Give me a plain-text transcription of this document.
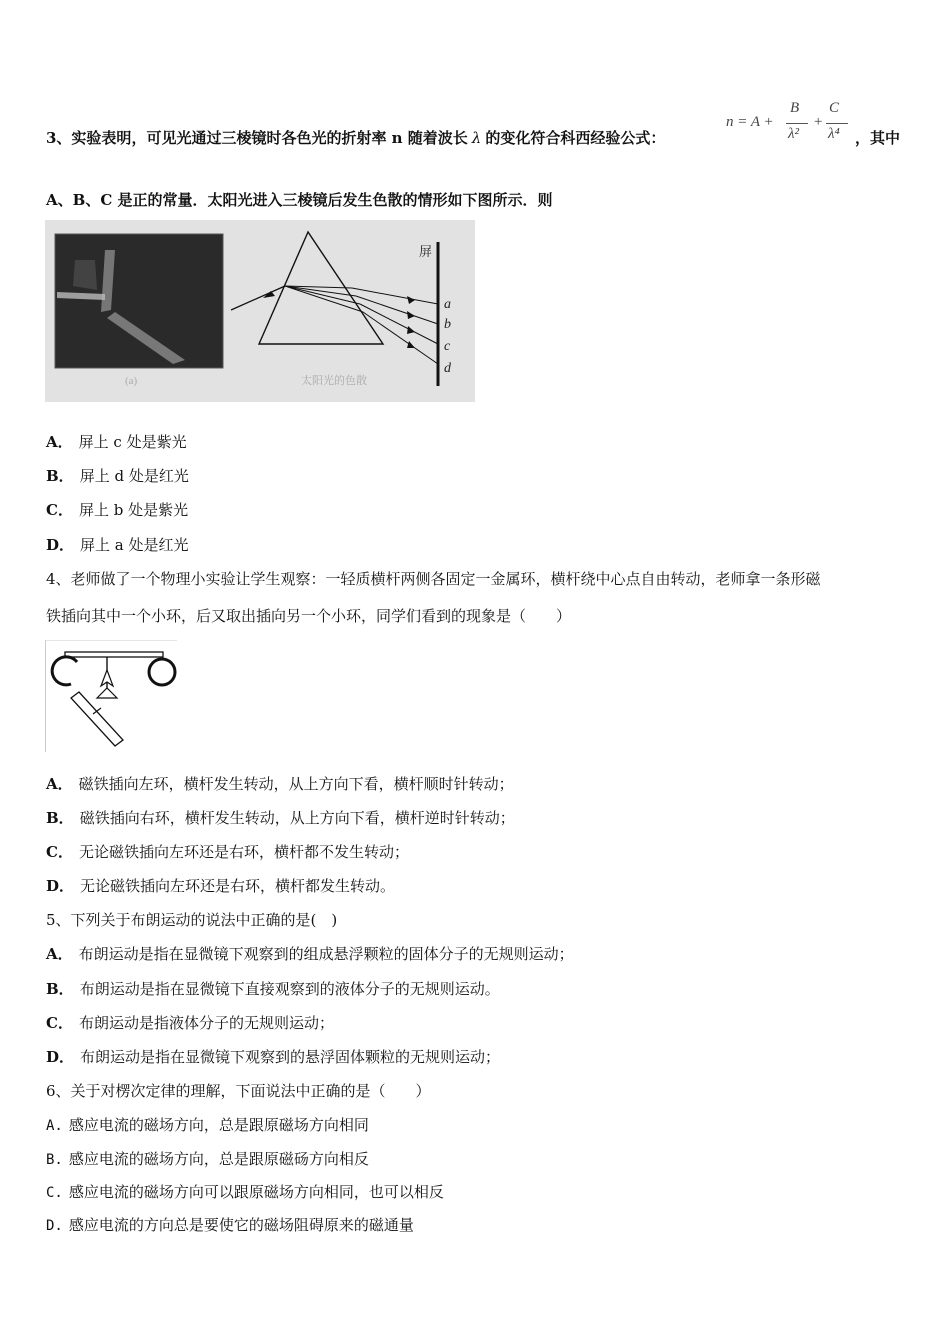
3、实验表明，可见光通过三棱镜时各色光的折射率 n 随着波长 λ 的变化符合科西经验公式：
n = A +
B
λ²
+
C
λ⁴ ，其中
A、B、C 是正的常量．太阳光进入三棱镜后发生色散的情形如下图所示．则
屏
a
b
c
d
(a)	太阳光的色散
A． 屏上 c 处是紫光
B． 屏上 d 处是红光
C． 屏上 b 处是紫光
D． 屏上 a 处是红光
4、老师做了一个物理小实验让学生观察：一轻质横杆两侧各固定一金属环，横杆绕中心点自由转动，老师拿一条形磁
铁插向其中一个小环，后又取出插向另一个小环，同学们看到的现象是（　　）
A． 磁铁插向左环，横杆发生转动，从上方向下看，横杆顺时针转动；
B． 磁铁插向右环，横杆发生转动，从上方向下看，横杆逆时针转动；
C． 无论磁铁插向左环还是右环，横杆都不发生转动；
D． 无论磁铁插向左环还是右环，横杆都发生转动。
5、下列关于布朗运动的说法中正确的是(　)
A． 布朗运动是指在显微镜下观察到的组成悬浮颗粒的固体分子的无规则运动；
B． 布朗运动是指在显微镜下直接观察到的液体分子的无规则运动。
C． 布朗运动是指液体分子的无规则运动；
D． 布朗运动是指在显微镜下观察到的悬浮固体颗粒的无规则运动；
6、关于对楞次定律的理解，下面说法中正确的是（　　）
A. 感应电流的磁场方向，总是跟原磁场方向相同
B. 感应电流的磁场方向，总是跟原磁砀方向相反
C. 感应电流的磁场方向可以跟原磁场方向相同，也可以相反
D. 感应电流的方向总是要使它的磁场阻碍原来的磁通量
